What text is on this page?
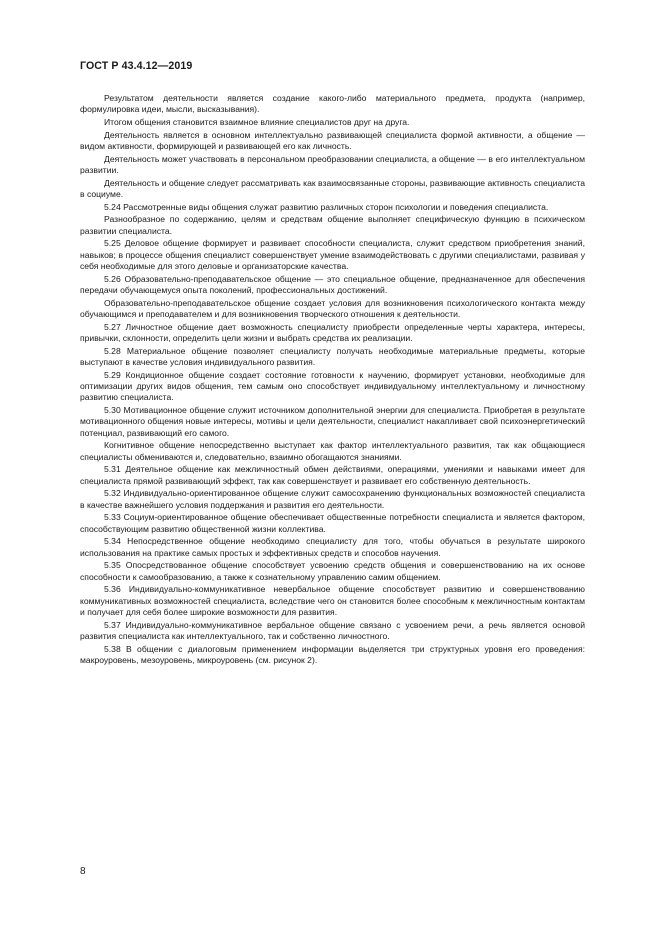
ГОСТ Р 43.4.12—2019

Результатом деятельности является создание какого-либо материального предмета, продукта (например, формулировка идеи, мысли, высказывания).

Итогом общения становится взаимное влияние специалистов друг на друга.

Деятельность является в основном интеллектуально развивающей специалиста формой активности, а общение — видом активности, формирующей и развивающей его как личность.

Деятельность может участвовать в персональном преобразовании специалиста, а общение — в его интеллектуальном развитии.

Деятельность и общение следует рассматривать как взаимосвязанные стороны, развивающие активность специалиста в социуме.

5.24 Рассмотренные виды общения служат развитию различных сторон психологии и поведения специалиста.

Разнообразное по содержанию, целям и средствам общение выполняет специфическую функцию в психическом развитии специалиста.

5.25 Деловое общение формирует и развивает способности специалиста, служит средством приобретения знаний, навыков; в процессе общения специалист совершенствует умение взаимодействовать с другими специалистами, развивая у себя необходимые для этого деловые и организаторские качества.

5.26 Образовательно-преподавательское общение — это специальное общение, предназначенное для обеспечения передачи обучающемуся опыта поколений, профессиональных достижений.

Образовательно-преподавательское общение создает условия для возникновения психологического контакта между обучающимся и преподавателем и для возникновения творческого отношения к деятельности.

5.27 Личностное общение дает возможность специалисту приобрести определенные черты характера, интересы, привычки, склонности, определить цели жизни и выбрать средства их реализации.

5.28 Материальное общение позволяет специалисту получать необходимые материальные предметы, которые выступают в качестве условия индивидуального развития.

5.29 Кондиционное общение создает состояние готовности к научению, формирует установки, необходимые для оптимизации других видов общения, тем самым оно способствует индивидуальному интеллектуальному и личностному развитию специалиста.

5.30 Мотивационное общение служит источником дополнительной энергии для специалиста. Приобретая в результате мотивационного общения новые интересы, мотивы и цели деятельности, специалист накапливает свой психоэнергетический потенциал, развивающий его самого.

Когнитивное общение непосредственно выступает как фактор интеллектуального развития, так как общающиеся специалисты обмениваются и, следовательно, взаимно обогащаются знаниями.

5.31 Деятельное общение как межличностный обмен действиями, операциями, умениями и навыками имеет для специалиста прямой развивающий эффект, так как совершенствует и развивает его собственную деятельность.

5.32 Индивидуально-ориентированное общение служит самосохранению функциональных возможностей специалиста в качестве важнейшего условия поддержания и развития его деятельности.

5.33 Социум-ориентированное общение обеспечивает общественные потребности специалиста и является фактором, способствующим развитию общественной жизни коллектива.

5.34 Непосредственное общение необходимо специалисту для того, чтобы обучаться в результате широкого использования на практике самых простых и эффективных средств и способов научения.

5.35 Опосредствованное общение способствует усвоению средств общения и совершенствованию на их основе способности к самообразованию, а также к сознательному управлению самим общением.

5.36 Индивидуально-коммуникативное невербальное общение способствует развитию и совершенствованию коммуникативных возможностей специалиста, вследствие чего он становится более способным к межличностным контактам и получает для себя более широкие возможности для развития.

5.37 Индивидуально-коммуникативное вербальное общение связано с усвоением речи, а речь является основой развития специалиста как интеллектуального, так и собственно личностного.

5.38 В общении с диалоговым применением информации выделяется три структурных уровня его проведения: макроуровень, мезоуровень, микроуровень (см. рисунок 2).

8
